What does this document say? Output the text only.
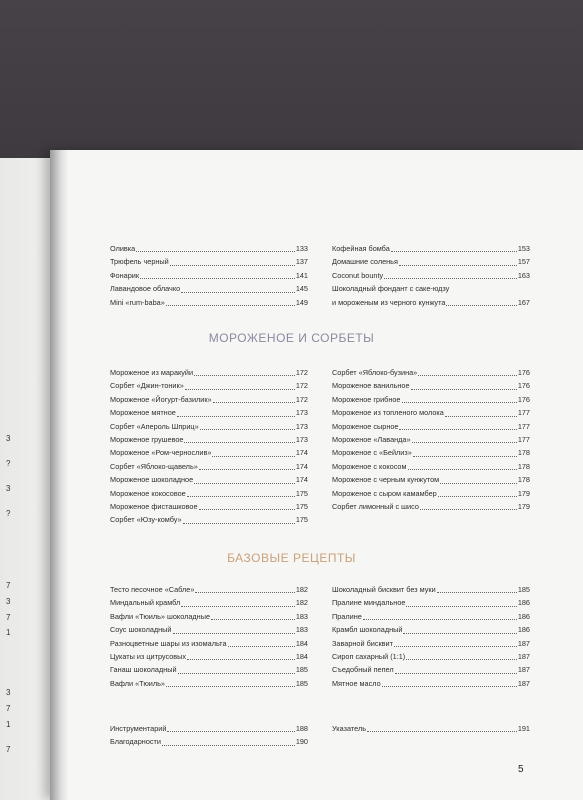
3
?
3
?
7
3
7
1
3
7
1
7
Оливка	133
Трюфель черный	137
Фонарик	141
Лавандовое облачко	145
Mini «rum-baba»	149
Кофейная бомба	153
Домашние соленья	157
Coconut bounty	163
Шоколадный фондант с саке-юдзу
и мороженым из черного кунжута	167
МОРОЖЕНОЕ И СОРБЕТЫ
Мороженое из маракуйи	172
Сорбет «Джин-тоник»	172
Мороженое «Йогурт-базилик»	172
Мороженое мятное	173
Сорбет «Апероль Шприц»	173
Мороженое грушевое	173
Мороженое «Ром-чернослив»	174
Сорбет «Яблоко-щавель»	174
Мороженое шоколадное	174
Мороженое кокосовое	175
Мороженое фисташковое	175
Сорбет «Юзу-комбу»	175
Сорбет «Яблоко-бузина»	176
Мороженое ванильное	176
Мороженое грибное	176
Мороженое из топленого молока	177
Мороженое сырное	177
Мороженое «Лаванда»	177
Мороженое с «Бейлиз»	178
Мороженое с кокосом	178
Мороженое с черным кунжутом	178
Мороженое с сыром камамбер	179
Сорбет лимонный с шисо	179
БАЗОВЫЕ РЕЦЕПТЫ
Тесто песочное «Сабле»	182
Миндальный крамбл	182
Вафли «Тюиль» шоколадные	183
Соус шоколадный	183
Разноцветные шары из изомальта	184
Цукаты из цитрусовых	184
Ганаш шоколадный	185
Вафли «Тюиль»	185
Шоколадный бисквит без муки	185
Пралине миндальное	186
Пралине	186
Крамбл шоколадный	186
Заварной бисквит	187
Сироп сахарный (1:1)	187
Съедобный пепел	187
Мятное масло	187
Инструментарий	188
Благодарности	190
Указатель	191
5
